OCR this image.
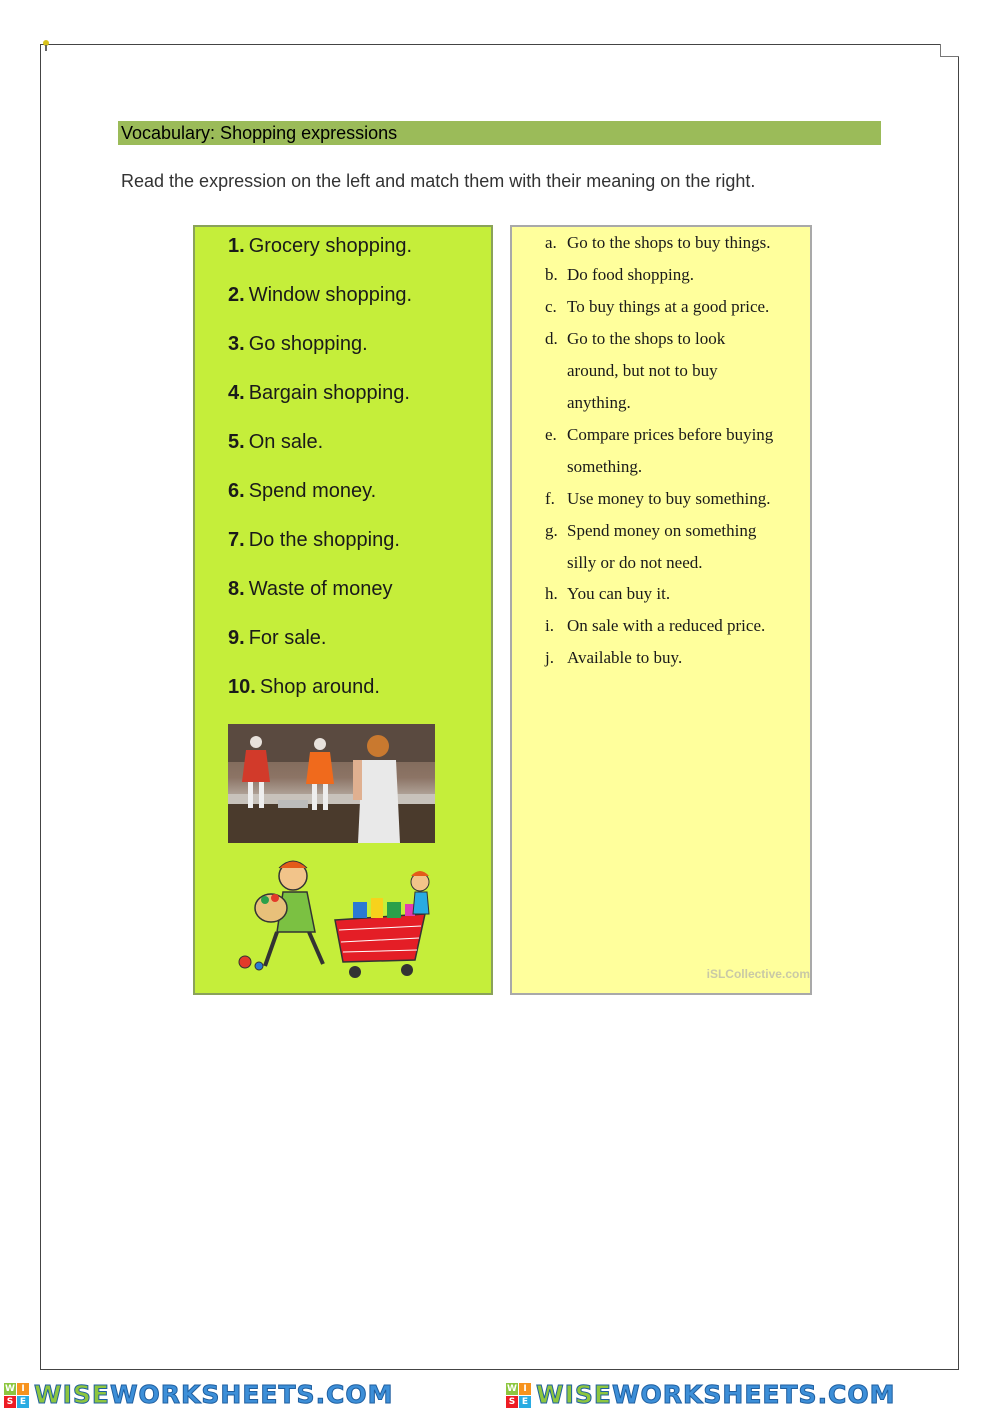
Vocabulary: Shopping expressions
Read the expression on the left and match them with their meaning on the right.
1. Grocery shopping.
2. Window shopping.
3. Go shopping.
4. Bargain shopping.
5. On sale.
6. Spend money.
7. Do the shopping.
8. Waste of money
9. For sale.
10. Shop around.
a. Go to the shops to buy things.
b. Do food shopping.
c. To buy things at a good price.
d. Go to the shops to look
around, but not to buy
anything.
e. Compare prices before buying
something.
f. Use money to buy something.
g. Spend money on something
silly or do not need.
h. You can buy it.
i. On sale with a reduced price.
j. Available to buy.
iSLCollective.com
W I
S E WISEWORKSHEETS.COM	W I
S E WISEWORKSHEETS.COM
